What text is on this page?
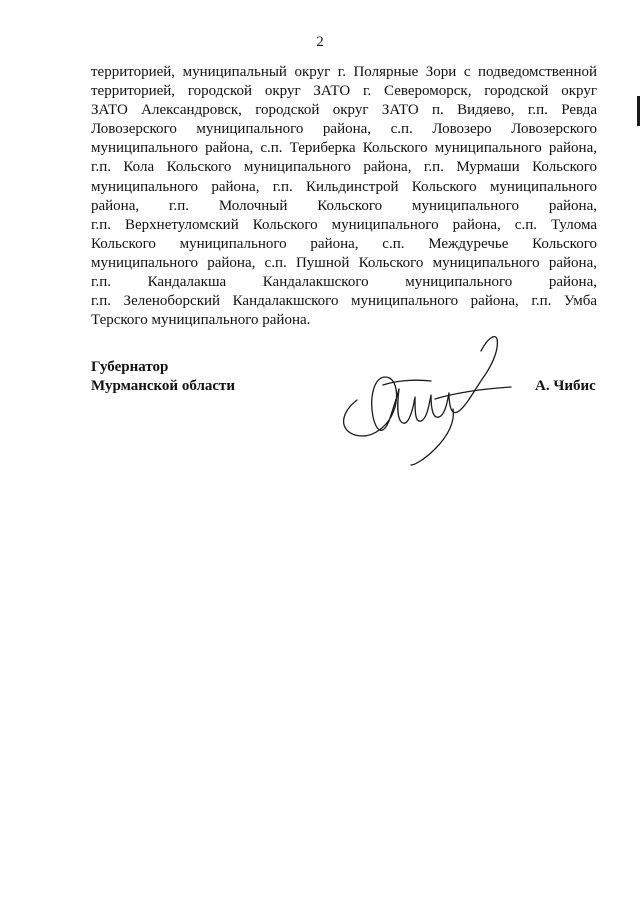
2
территорией, муниципальный округ г. Полярные Зори с подведомственной
территорией, городской округ ЗАТО г. Североморск, городской округ
ЗАТО Александровск, городской округ ЗАТО п. Видяево, г.п. Ревда
Ловозерского муниципального района, с.п. Ловозеро Ловозерского
муниципального района, с.п. Териберка Кольского муниципального района,
г.п. Кола Кольского муниципального района, г.п. Мурмаши Кольского
муниципального района, г.п. Кильдинстрой Кольского муниципального
района, г.п. Молочный Кольского муниципального района,
г.п. Верхнетуломский Кольского муниципального района, с.п. Тулома
Кольского муниципального района, с.п. Междуречье Кольского
муниципального района, с.п. Пушной Кольского муниципального района,
г.п. Кандалакша Кандалакшского муниципального района,
г.п. Зеленоборский Кандалакшского муниципального района, г.п. Умба
Терского муниципального района.
Губернатор
Мурманской области	А. Чибис
